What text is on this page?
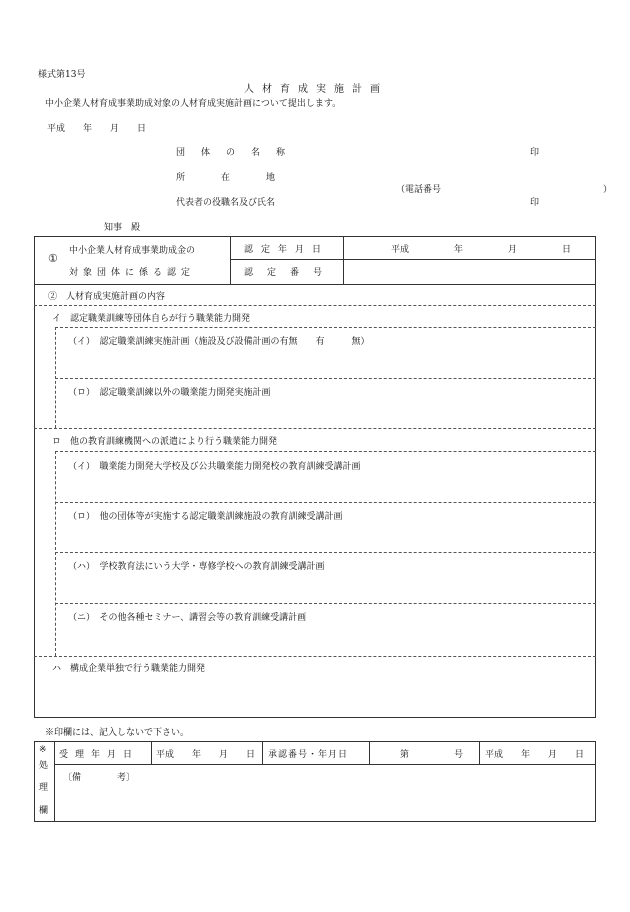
様式第13号
人材育成実施計画
中小企業人材育成事業助成対象の人材育成実施計画について提出します。
平成　　年　　月　　日
団体の名称	印
所在地
（電話番号　　　　　　　　　　　　　　　　　　）
代表者の役職名及び氏名	印
知事　殿
①
中小企業人材育成事業助成金の
対象団体に係る認定
認定年月日	平成　　　　　年　　　　　月　　　　　日
認定番号
②　人材育成実施計画の内容
イ　認定職業訓練等団体自らが行う職業能力開発
（イ）　認定職業訓練実施計画（施設及び設備計画の有無　　有　　　無）
（ロ）　認定職業訓練以外の職業能力開発実施計画
ロ　他の教育訓練機関への派遣により行う職業能力開発
（イ）　職業能力開発大学校及び公共職業能力開発校の教育訓練受講計画
（ロ）　他の団体等が実施する認定職業訓練施設の教育訓練受講計画
（ハ）　学校教育法にいう大学・専修学校への教育訓練受講計画
（ニ）　その他各種セミナー、講習会等の教育訓練受講計画
ハ　構成企業単独で行う職業能力開発
※印欄には、記入しないで下さい。
※
処
理
欄
受理年月日	平成　　年　　月　　日 承認番号・年月日	第　　　　　号 平成　　年　　月　　日
〔備　　　　考〕
